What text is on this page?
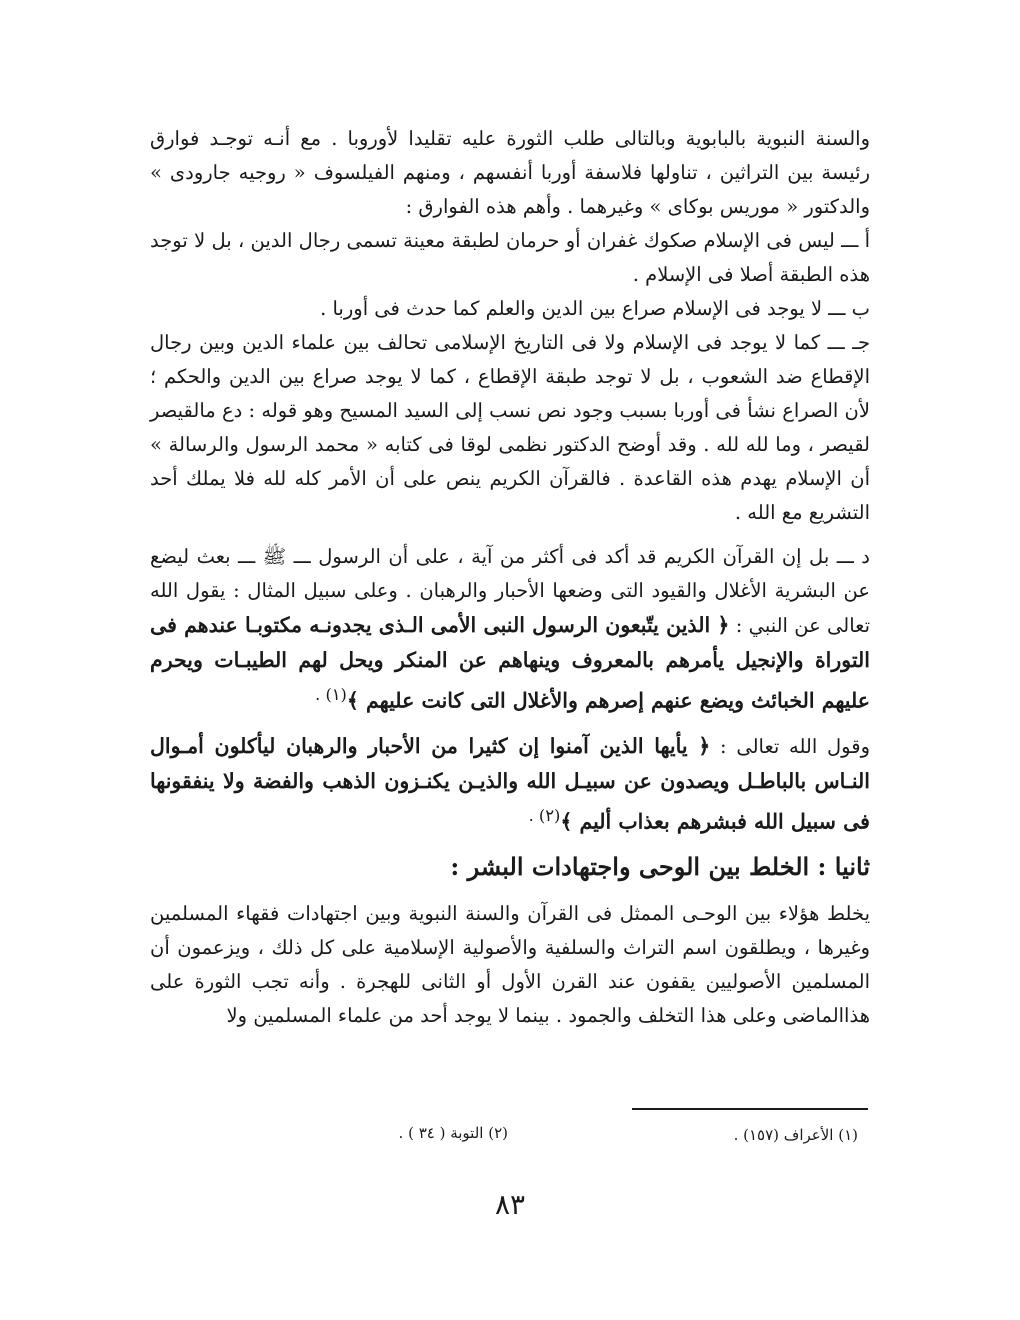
والسنة النبوية بالبابوية وبالتالى طلب الثورة عليه تقليدا لأوروبا . مع أنـه توجـد فوارق رئيسة بين التراثين ، تناولها فلاسفة أوربا أنفسهم ، ومنهم الفيلسوف « روجيه جارودى » والدكتور « موريس بوكاى » وغيرهما . وأهم هذه الفوارق :

أ ـــ ليس فى الإسلام صكوك غفران أو حرمان لطبقة معينة تسمى رجال الدين ، بل لا توجد هذه الطبقة أصلا فى الإسلام .

ب ـــ لا يوجد فى الإسلام صراع بين الدين والعلم كما حدث فى أوربا .

جـ ـــ كما لا يوجد فى الإسلام ولا فى التاريخ الإسلامى تحالف بين علماء الدين وبين رجال الإقطاع ضد الشعوب ، بل لا توجد طبقة الإقطاع ، كما لا يوجد صراع بين الدين والحكم ؛ لأن الصراع نشأ فى أوربا بسبب وجود نص نسب إلى السيد المسيح وهو قوله : دع مالقيصر لقيصر ، وما لله لله . وقد أوضح الدكتور نظمى لوقا فى كتابه « محمد الرسول والرسالة » أن الإسلام يهدم هذه القاعدة . فالقرآن الكريم ينص على أن الأمر كله لله فلا يملك أحد التشريع مع الله .

د ـــ بل إن القرآن الكريم قد أكد فى أكثر من آية ، على أن الرسول ـــ ﷺ ـــ بعث ليضع عن البشرية الأغلال والقيود التى وضعها الأحبار والرهبان . وعلى سبيل المثال : يقول الله تعالى عن النبي : ﴿ الذين يتّبعون الرسول النبى الأمى الـذى يجدونـه مكتوبـا عندهم فى التوراة والإنجيل يأمرهم بالمعروف وينهاهم عن المنكر ويحل لهم الطيبـات ويحرم عليهم الخبائث ويضع عنهم إصرهم والأغلال التى كانت عليهم ﴾$^{(١) .}$

وقول الله تعالى : ﴿ يأيها الذين آمنوا إن كثيرا من الأحبار والرهبان ليأكلون أمـوال النـاس بالباطـل ويصدون عن سبيـل الله والذيـن يكنـزون الذهب والفضة ولا ينفقونها فى سبيل الله فبشرهم بعذاب أليم ﴾$^{(٢) .}$

ثانيا : الخلط بين الوحى واجتهادات البشر :

يخلط هؤلاء بين الوحـى الممثل فى القرآن والسنة النبوية وبين اجتهادات فقهاء المسلمين وغيرها ، ويطلقون اسم التراث والسلفية والأصولية الإسلامية على كل ذلك ، ويزعمون أن المسلمين الأصوليين يقفون عند القرن الأول أو الثانى للهجرة . وأنه تجب الثورة على هذاالماضى وعلى هذا التخلف والجمود . بينما لا يوجد أحد من علماء المسلمين ولا

(١) الأعراف (١٥٧) .
(٢) التوبة ( ٣٤ ) .
٨٣
